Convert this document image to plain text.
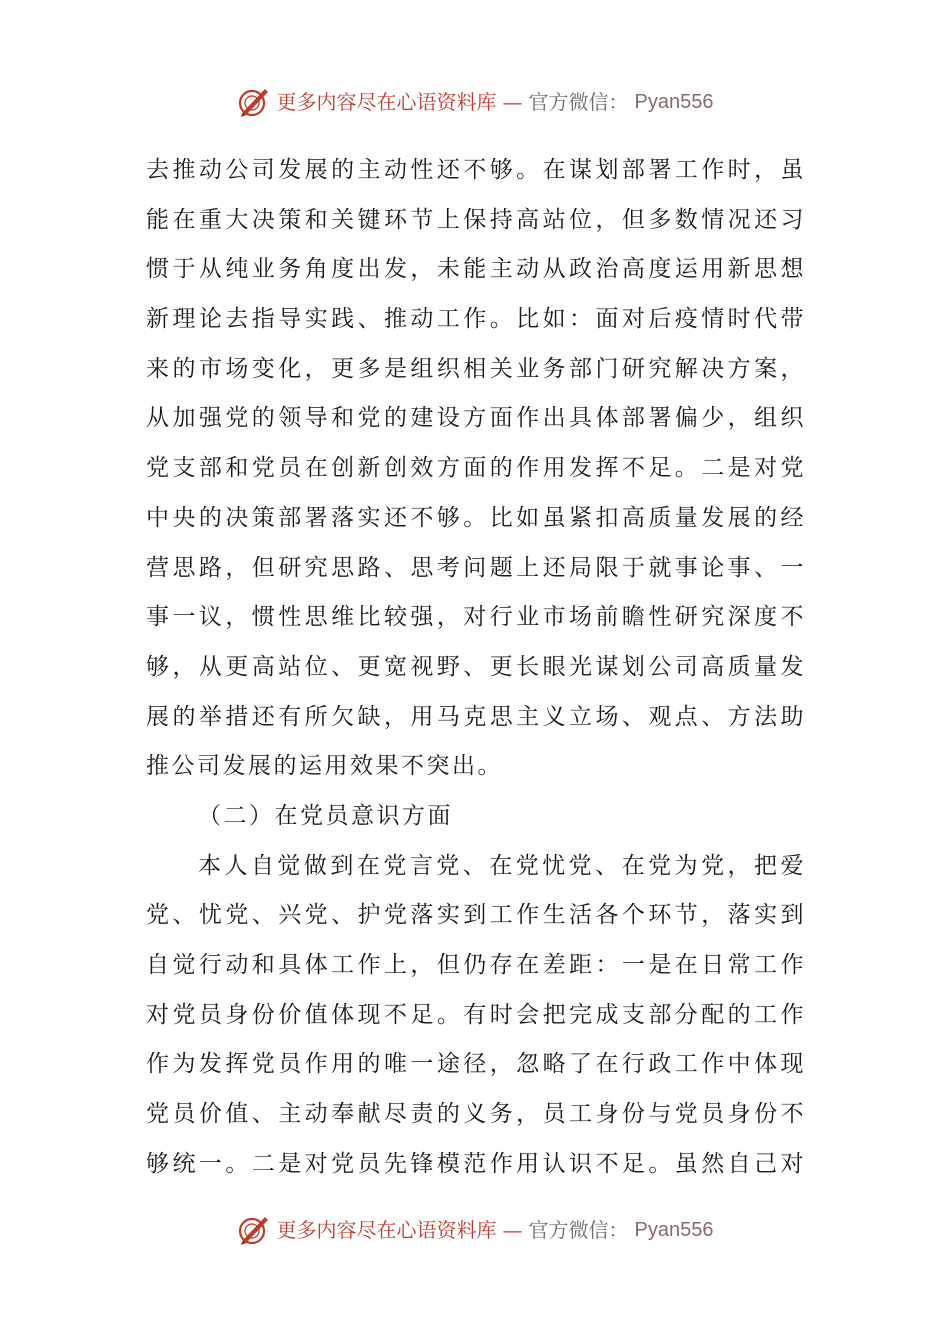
更多内容尽在心语资料库 — 官方微信： Pyan556
去推动公司发展的主动性还不够。在谋划部署工作时，虽
能在重大决策和关键环节上保持高站位，但多数情况还习
惯于从纯业务角度出发，未能主动从政治高度运用新思想
新理论去指导实践、推动工作。比如：面对后疫情时代带
来的市场变化，更多是组织相关业务部门研究解决方案，
从加强党的领导和党的建设方面作出具体部署偏少，组织
党支部和党员在创新创效方面的作用发挥不足。二是对党
中央的决策部署落实还不够。比如虽紧扣高质量发展的经
营思路，但研究思路、思考问题上还局限于就事论事、一
事一议，惯性思维比较强，对行业市场前瞻性研究深度不
够，从更高站位、更宽视野、更长眼光谋划公司高质量发
展的举措还有所欠缺，用马克思主义立场、观点、方法助
推公司发展的运用效果不突出。
（二）在党员意识方面
本人自觉做到在党言党、在党忧党、在党为党，把爱
党、忧党、兴党、护党落实到工作生活各个环节，落实到
自觉行动和具体工作上，但仍存在差距：一是在日常工作
对党员身份价值体现不足。有时会把完成支部分配的工作
作为发挥党员作用的唯一途径，忽略了在行政工作中体现
党员价值、主动奉献尽责的义务，员工身份与党员身份不
够统一。二是对党员先锋模范作用认识不足。虽然自己对
更多内容尽在心语资料库 — 官方微信： Pyan556
